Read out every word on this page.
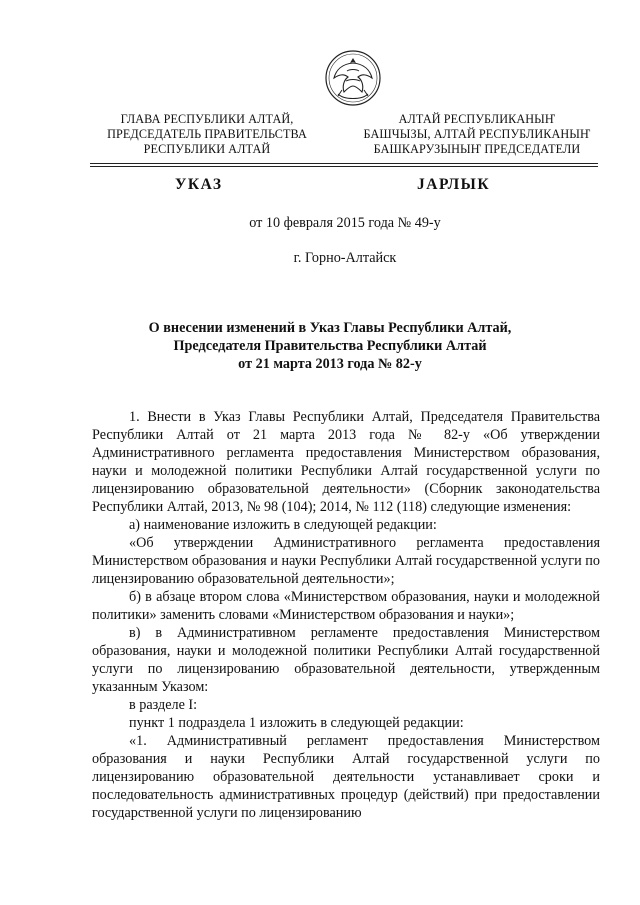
ГЛАВА РЕСПУБЛИКИ АЛТАЙ,
ПРЕДСЕДАТЕЛЬ ПРАВИТЕЛЬСТВА
РЕСПУБЛИКИ АЛТАЙ
АЛТАЙ РЕСПУБЛИКАНЫҤ
БАШЧЫЗЫ, АЛТАЙ РЕСПУБЛИКАНЫҤ
БАШКАРУЗЫНЫҤ ПРЕДСЕДАТЕЛИ
УКАЗ	JАРЛЫК
от 10 февраля 2015 года № 49-у
г. Горно-Алтайск
О внесении изменений в Указ Главы Республики Алтай,
Председателя Правительства Республики Алтай
от 21 марта 2013 года № 82-у

1. Внести в Указ Главы Республики Алтай, Председателя Правительства Республики Алтай от 21 марта 2013 года № 82-у «Об утверждении Административного регламента предоставления Министерством образования, науки и молодежной политики Республики Алтай государственной услуги по лицензированию образовательной деятельности» (Сборник законодательства Республики Алтай, 2013, № 98 (104); 2014, № 112 (118) следующие изменения:

а) наименование изложить в следующей редакции:

«Об утверждении Административного регламента предоставления Министерством образования и науки Республики Алтай государственной услуги по лицензированию образовательной деятельности»;

б) в абзаце втором слова «Министерством образования, науки и молодежной политики» заменить словами «Министерством образования и науки»;

в) в Административном регламенте предоставления Министерством образования, науки и молодежной политики Республики Алтай государственной услуги по лицензированию образовательной деятельности, утвержденным указанным Указом:

в разделе I:

пункт 1 подраздела 1 изложить в следующей редакции:

«1. Административный регламент предоставления Министерством образования и науки Республики Алтай государственной услуги по лицензированию образовательной деятельности устанавливает сроки и последовательность административных процедур (действий) при предоставлении государственной услуги по лицензированию
